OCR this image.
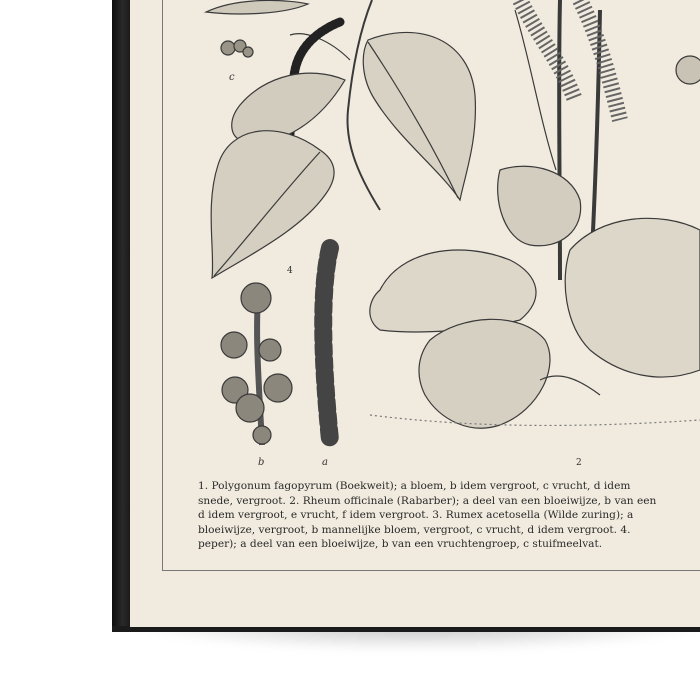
c
4
b	a	2
1. Polygonum fagopyrum (Boekweit); a bloem, b idem vergroot, c vrucht, d idem
snede, vergroot. 2. Rheum officinale (Rabarber); a deel van een bloeiwijze, b van een
d idem vergroot, e vrucht, f idem vergroot. 3. Rumex acetosella (Wilde zuring); a
bloeiwijze, vergroot, b mannelijke bloem, vergroot, c vrucht, d idem vergroot. 4.
peper); a deel van een bloeiwijze, b van een vruchtengroep, c stuifmeelvat.
